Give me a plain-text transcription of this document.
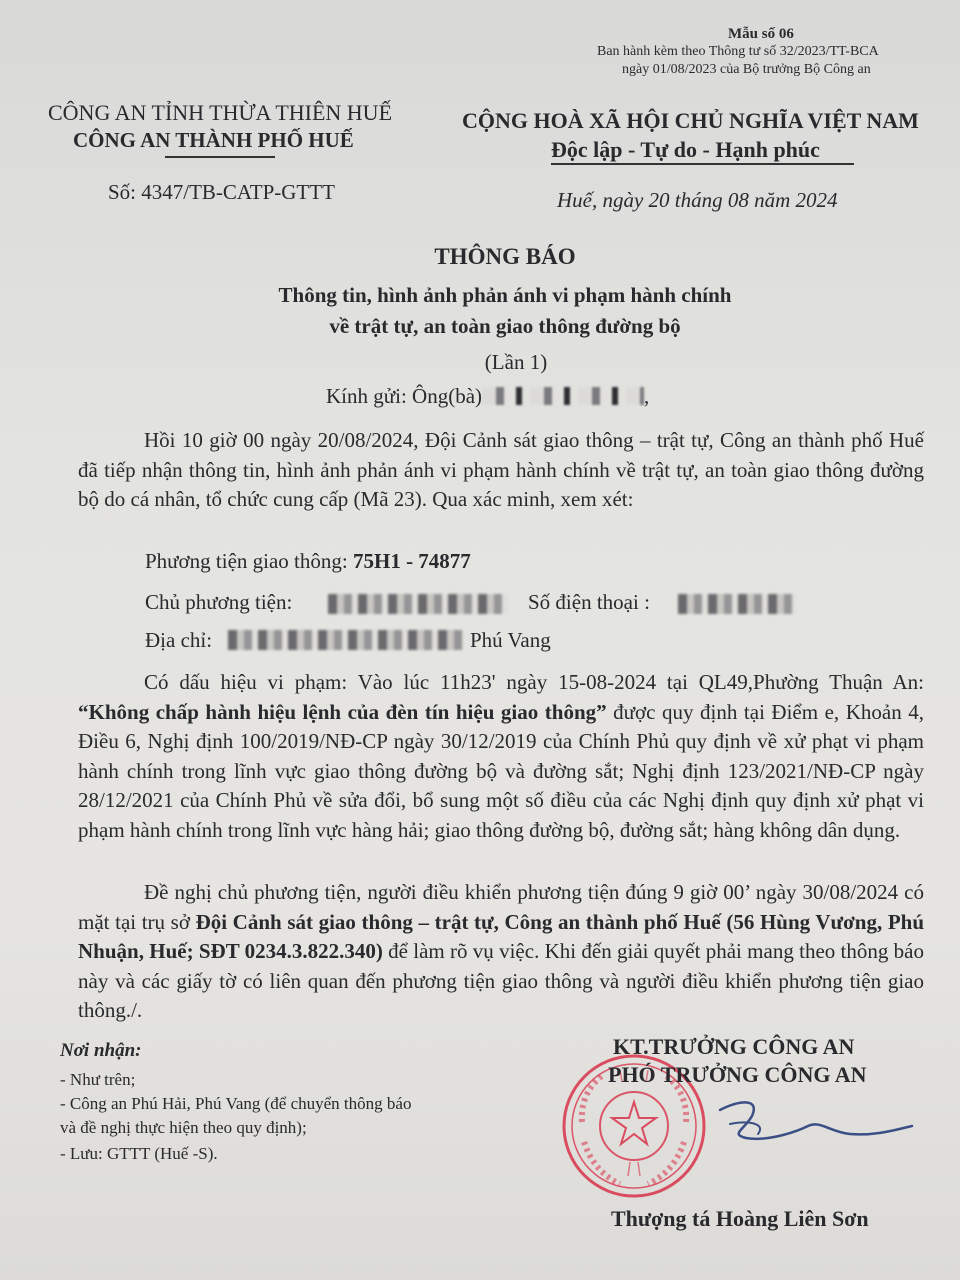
Mẫu số 06
Ban hành kèm theo Thông tư số 32/2023/TT-BCA
ngày 01/08/2023 của Bộ trưởng Bộ Công an
CÔNG AN TỈNH THỪA THIÊN HUẾ
CÔNG AN THÀNH PHỐ HUẾ
Số: 4347/TB-CATP-GTTT
CỘNG HOÀ XÃ HỘI CHỦ NGHĨA VIỆT NAM
Độc lập - Tự do - Hạnh phúc
Huế, ngày 20 tháng 08 năm 2024
THÔNG BÁO
Thông tin, hình ảnh phản ánh vi phạm hành chính
về trật tự, an toàn giao thông đường bộ
(Lần 1)
Kính gửi: Ông(bà)	,
Hồi 10 giờ 00 ngày 20/08/2024, Đội Cảnh sát giao thông – trật tự, Công an thành phố Huế đã tiếp nhận thông tin, hình ảnh phản ánh vi phạm hành chính về trật tự, an toàn giao thông đường bộ do cá nhân, tổ chức cung cấp (Mã 23). Qua xác minh, xem xét:
Phương tiện giao thông: 75H1 - 74877
Chủ phương tiện:	Số điện thoại :
Địa chỉ:	Phú Vang
Có dấu hiệu vi phạm: Vào lúc 11h23' ngày 15-08-2024 tại QL49,Phường Thuận An: “Không chấp hành hiệu lệnh của đèn tín hiệu giao thông” được quy định tại Điểm e, Khoản 4, Điều 6, Nghị định 100/2019/NĐ-CP ngày 30/12/2019 của Chính Phủ quy định về xử phạt vi phạm hành chính trong lĩnh vực giao thông đường bộ và đường sắt; Nghị định 123/2021/NĐ-CP ngày 28/12/2021 của Chính Phủ về sửa đổi, bổ sung một số điều của các Nghị định quy định xử phạt vi phạm hành chính trong lĩnh vực hàng hải; giao thông đường bộ, đường sắt; hàng không dân dụng.
Đề nghị chủ phương tiện, người điều khiển phương tiện đúng 9 giờ 00’ ngày 30/08/2024 có mặt tại trụ sở Đội Cảnh sát giao thông – trật tự, Công an thành phố Huế (56 Hùng Vương, Phú Nhuận, Huế; SĐT 0234.3.822.340) để làm rõ vụ việc. Khi đến giải quyết phải mang theo thông báo này và các giấy tờ có liên quan đến phương tiện giao thông và người điều khiển phương tiện giao thông./.
Nơi nhận:
- Như trên;
- Công an Phú Hải, Phú Vang (để chuyển thông báo
và đề nghị thực hiện theo quy định);
- Lưu: GTTT (Huế -S).
KT.TRƯỞNG CÔNG AN
PHÓ TRƯỞNG CÔNG AN
Thượng tá Hoàng Liên Sơn
